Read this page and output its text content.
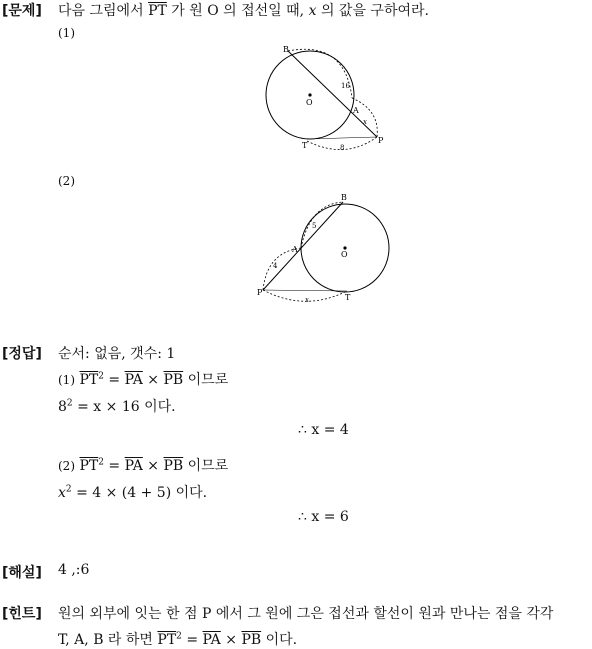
[문제] 다음 그림에서 $\overline{PT}$ 가 원 O 의 접선일 때, x 의 값을 구하여라.
(1)
B
O
16
A
x
P
T	8
(2)
B
O
5
A
4
P
x	T
[정답] 순서: 없음, 갯수: 1
(1) $\overline{PT}^2 = \overline{PA} \times \overline{PB}$ 이므로
$8^2 = x \times 16$ 이다.
∴ x = 4
(2) $\overline{PT}^2 = \overline{PA} \times \overline{PB}$ 이므로
$x^2 = 4 \times (4 + 5)$ 이다.
∴ x = 6
[해설] 4 ,:6
[힌트] 원의 외부에 잇는 한 점 P 에서 그 원에 그은 접선과 할선이 원과 만나는 점을 각각
T, A, B 라 하면 $\overline{PT}^2 = \overline{PA} \times \overline{PB}$ 이다.
